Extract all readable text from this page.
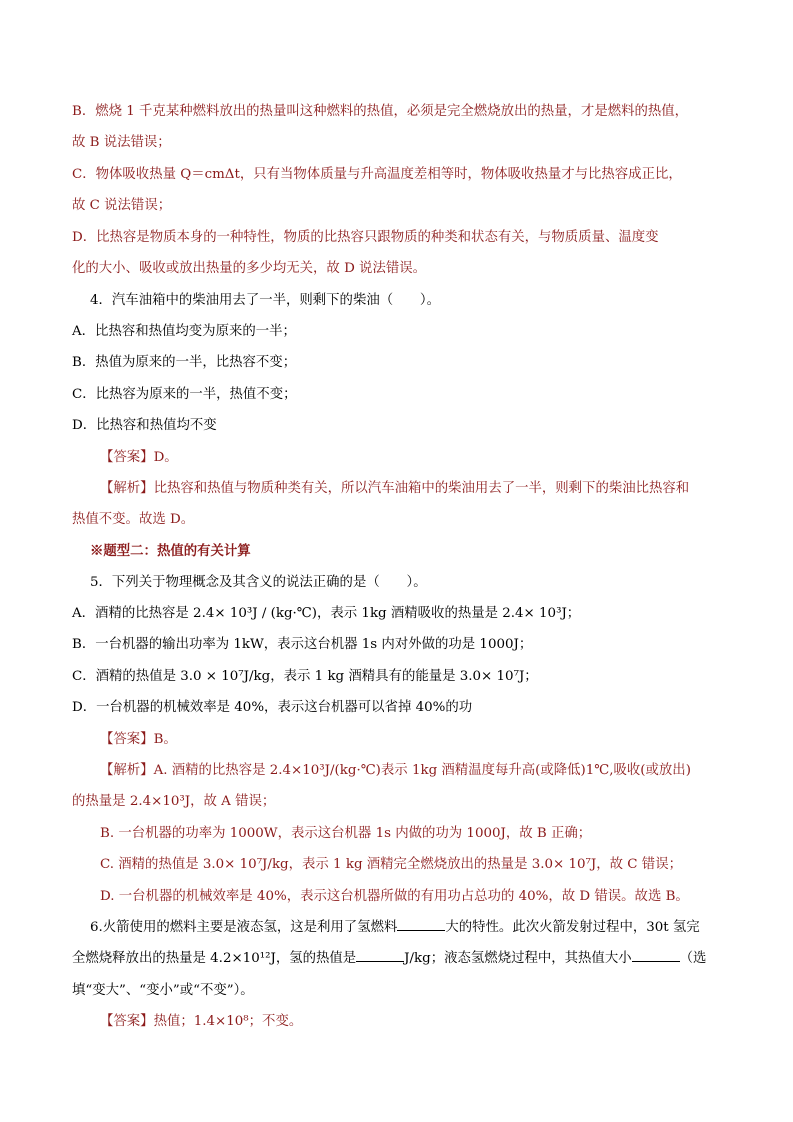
B．燃烧 1 千克某种燃料放出的热量叫这种燃料的热值，必须是完全燃烧放出的热量，才是燃料的热值，
故 B 说法错误；
C．物体吸收热量 Q＝cmΔt，只有当物体质量与升高温度差相等时，物体吸收热量才与比热容成正比，
故 C 说法错误；
D．比热容是物质本身的一种特性，物质的比热容只跟物质的种类和状态有关，与物质质量、温度变
化的大小、吸收或放出热量的多少均无关，故 D 说法错误。
4．汽车油箱中的柴油用去了一半，则剩下的柴油（　　）。
A．比热容和热值均变为原来的一半；
B．热值为原来的一半，比热容不变；
C．比热容为原来的一半，热值不变；
D．比热容和热值均不变
【答案】D。
【解析】比热容和热值与物质种类有关，所以汽车油箱中的柴油用去了一半，则剩下的柴油比热容和
热值不变。故选 D。
※题型二：热值的有关计算
5．下列关于物理概念及其含义的说法正确的是（　　）。
A．酒精的比热容是 2.4× 10³J / (kg·℃)，表示 1kg 酒精吸收的热量是 2.4× 10³J；
B．一台机器的输出功率为 1kW，表示这台机器 1s 内对外做的功是 1000J；
C．酒精的热值是 3.0 × 10⁷J/kg，表示 1 kg 酒精具有的能量是 3.0× 10⁷J；
D．一台机器的机械效率是 40%，表示这台机器可以省掉 40%的功
【答案】B。
【解析】A. 酒精的比热容是 2.4×10³J/(kg·℃)表示 1kg 酒精温度每升高(或降低)1℃,吸收(或放出)
的热量是 2.4×10³J，故 A 错误；
B. 一台机器的功率为 1000W，表示这台机器 1s 内做的功为 1000J，故 B 正确；
C. 酒精的热值是 3.0× 10⁷J/kg，表示 1 kg 酒精完全燃烧放出的热量是 3.0× 10⁷J，故 C 错误；
D. 一台机器的机械效率是 40%，表示这台机器所做的有用功占总功的 40%，故 D 错误。故选 B。
6.火箭使用的燃料主要是液态氢，这是利用了氢燃料	大的特性。此次火箭发射过程中，30t 氢完
全燃烧释放出的热量是 4.2×10¹²J，氢的热值是	J/kg；液态氢燃烧过程中，其热值大小	（选
填“变大”、“变小”或“不变”）。
【答案】热值；1.4×10⁸；不变。
